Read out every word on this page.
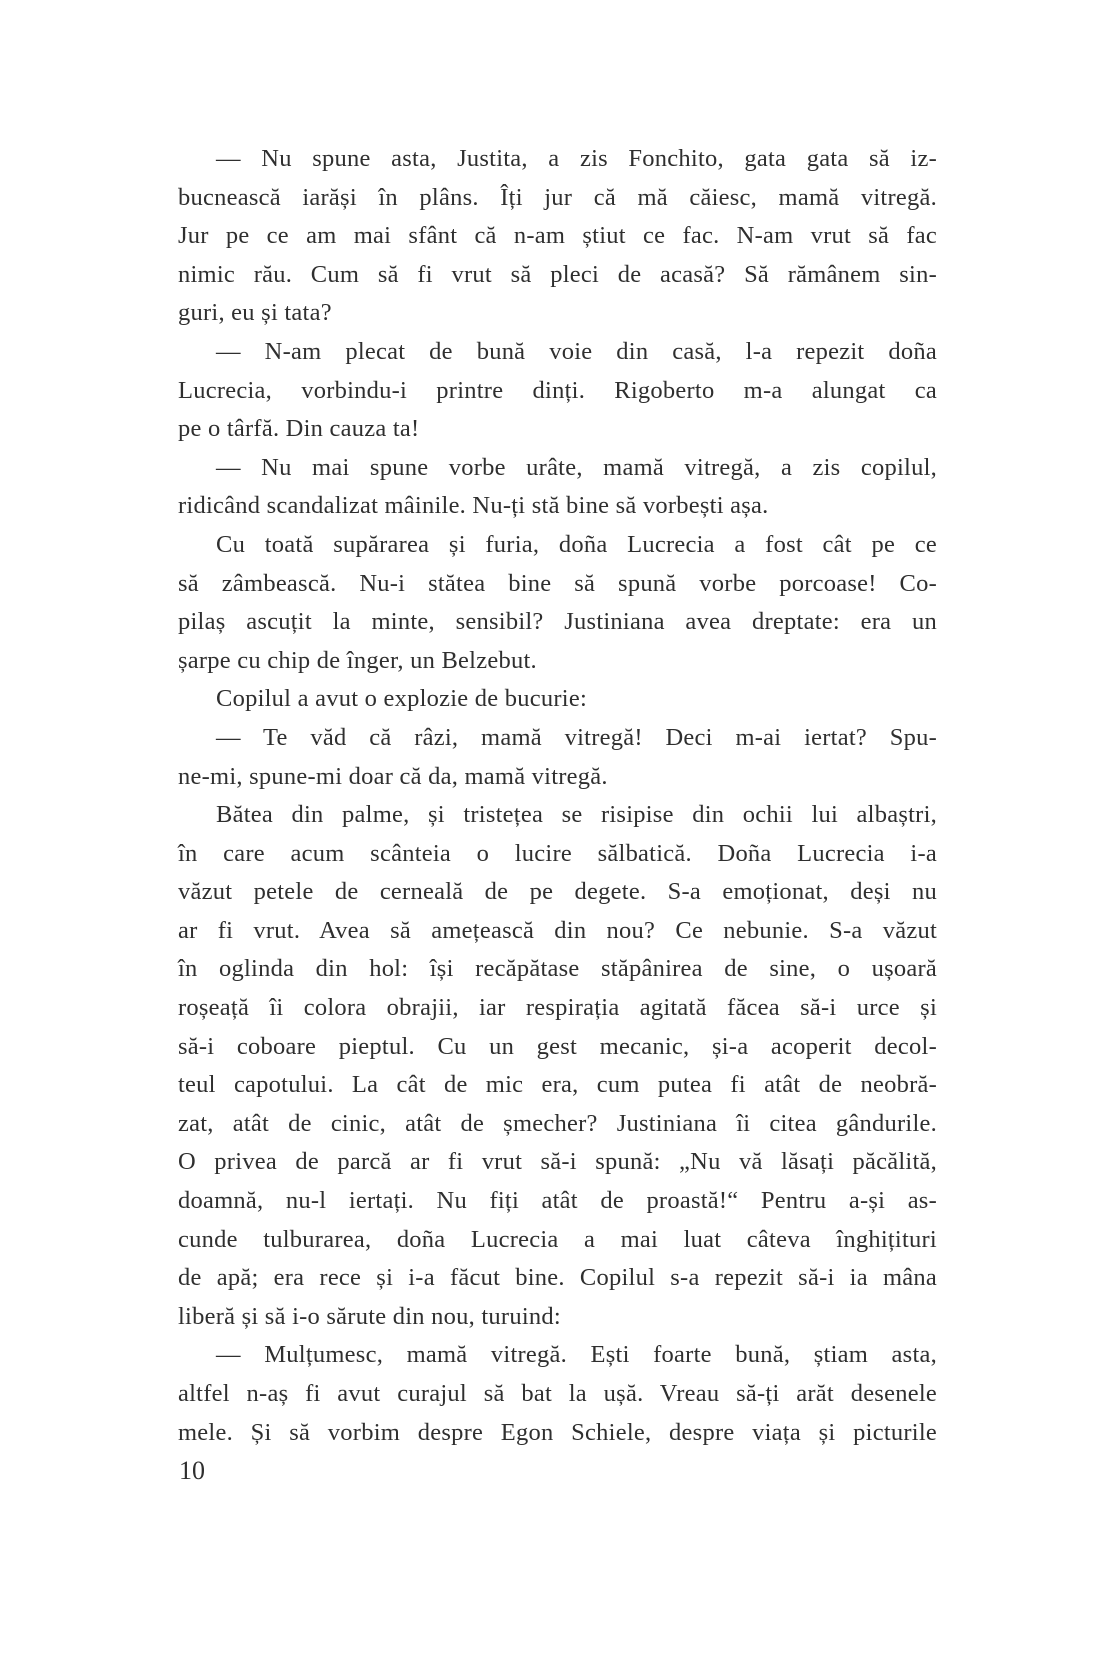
— Nu spune asta, Justita, a zis Fonchito, gata gata să iz-
bucnească iarăși în plâns. Îți jur că mă căiesc, mamă vitregă.
Jur pe ce am mai sfânt că n-am știut ce fac. N-am vrut să fac
nimic rău. Cum să fi vrut să pleci de acasă? Să rămânem sin-
guri, eu și tata?
— N-am plecat de bună voie din casă, l-a repezit doña
Lucrecia, vorbindu-i printre dinți. Rigoberto m-a alungat ca
pe o târfă. Din cauza ta!
— Nu mai spune vorbe urâte, mamă vitregă, a zis copilul,
ridicând scandalizat mâinile. Nu-ți stă bine să vorbești așa.
Cu toată supărarea și furia, doña Lucrecia a fost cât pe ce
să zâmbească. Nu-i stătea bine să spună vorbe porcoase! Co-
pilaș ascuțit la minte, sensibil? Justiniana avea dreptate: era un
șarpe cu chip de înger, un Belzebut.
Copilul a avut o explozie de bucurie:
— Te văd că râzi, mamă vitregă! Deci m-ai iertat? Spu-
ne-mi, spune-mi doar că da, mamă vitregă.
Bătea din palme, și tristețea se risipise din ochii lui albaștri,
în care acum scânteia o lucire sălbatică. Doña Lucrecia i-a
văzut petele de cerneală de pe degete. S-a emoționat, deși nu
ar fi vrut. Avea să amețească din nou? Ce nebunie. S-a văzut
în oglinda din hol: își recăpătase stăpânirea de sine, o ușoară
roșeață îi colora obrajii, iar respirația agitată făcea să-i urce și
să-i coboare pieptul. Cu un gest mecanic, și-a acoperit decol-
teul capotului. La cât de mic era, cum putea fi atât de neobră-
zat, atât de cinic, atât de șmecher? Justiniana îi citea gândurile.
O privea de parcă ar fi vrut să-i spună: „Nu vă lăsați păcălită,
doamnă, nu-l iertați. Nu fiți atât de proastă!“ Pentru a-și as-
cunde tulburarea, doña Lucrecia a mai luat câteva înghițituri
de apă; era rece și i-a făcut bine. Copilul s-a repezit să-i ia mâna
liberă și să i-o sărute din nou, turuind:
— Mulțumesc, mamă vitregă. Ești foarte bună, știam asta,
altfel n-aș fi avut curajul să bat la ușă. Vreau să-ți arăt desenele
mele. Și să vorbim despre Egon Schiele, despre viața și picturile
10
